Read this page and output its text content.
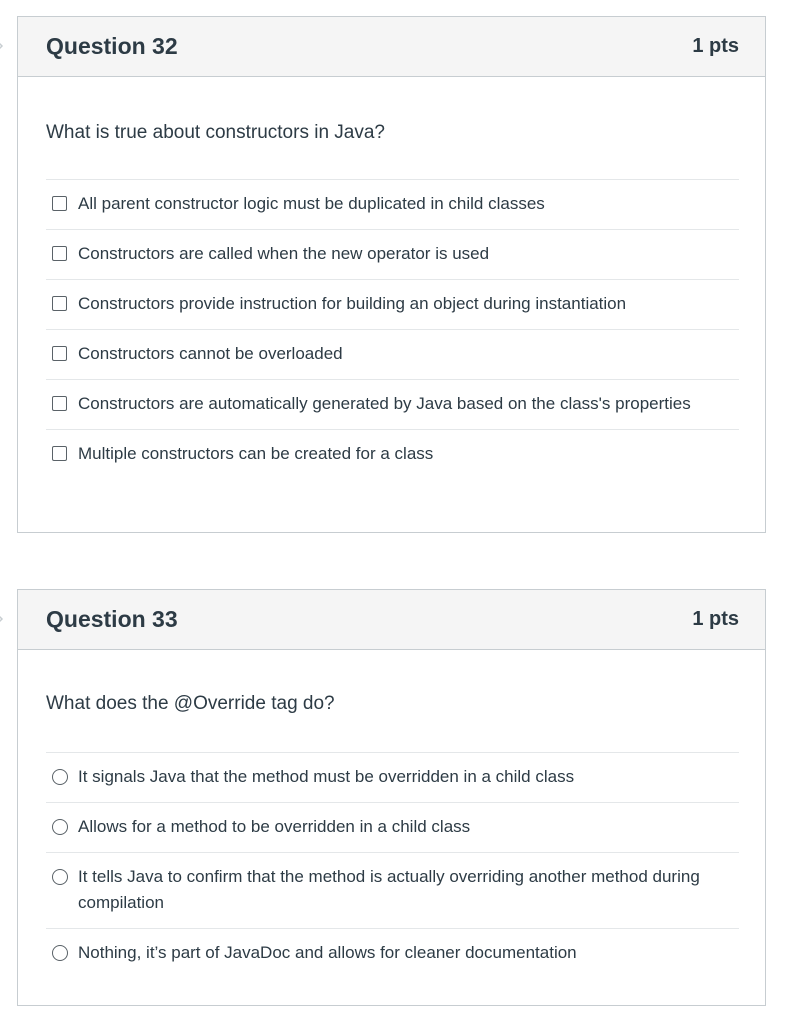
Question 32	1 pts

What is true about constructors in Java?

All parent constructor logic must be duplicated in child classes
Constructors are called when the new operator is used
Constructors provide instruction for building an object during instantiation
Constructors cannot be overloaded
Constructors are automatically generated by Java based on the class's properties
Multiple constructors can be created for a class
Question 33	1 pts

What does the @Override tag do?

It signals Java that the method must be overridden in a child class
Allows for a method to be overridden in a child class
It tells Java to confirm that the method is actually overriding another method during compilation
Nothing, it’s part of JavaDoc and allows for cleaner documentation
